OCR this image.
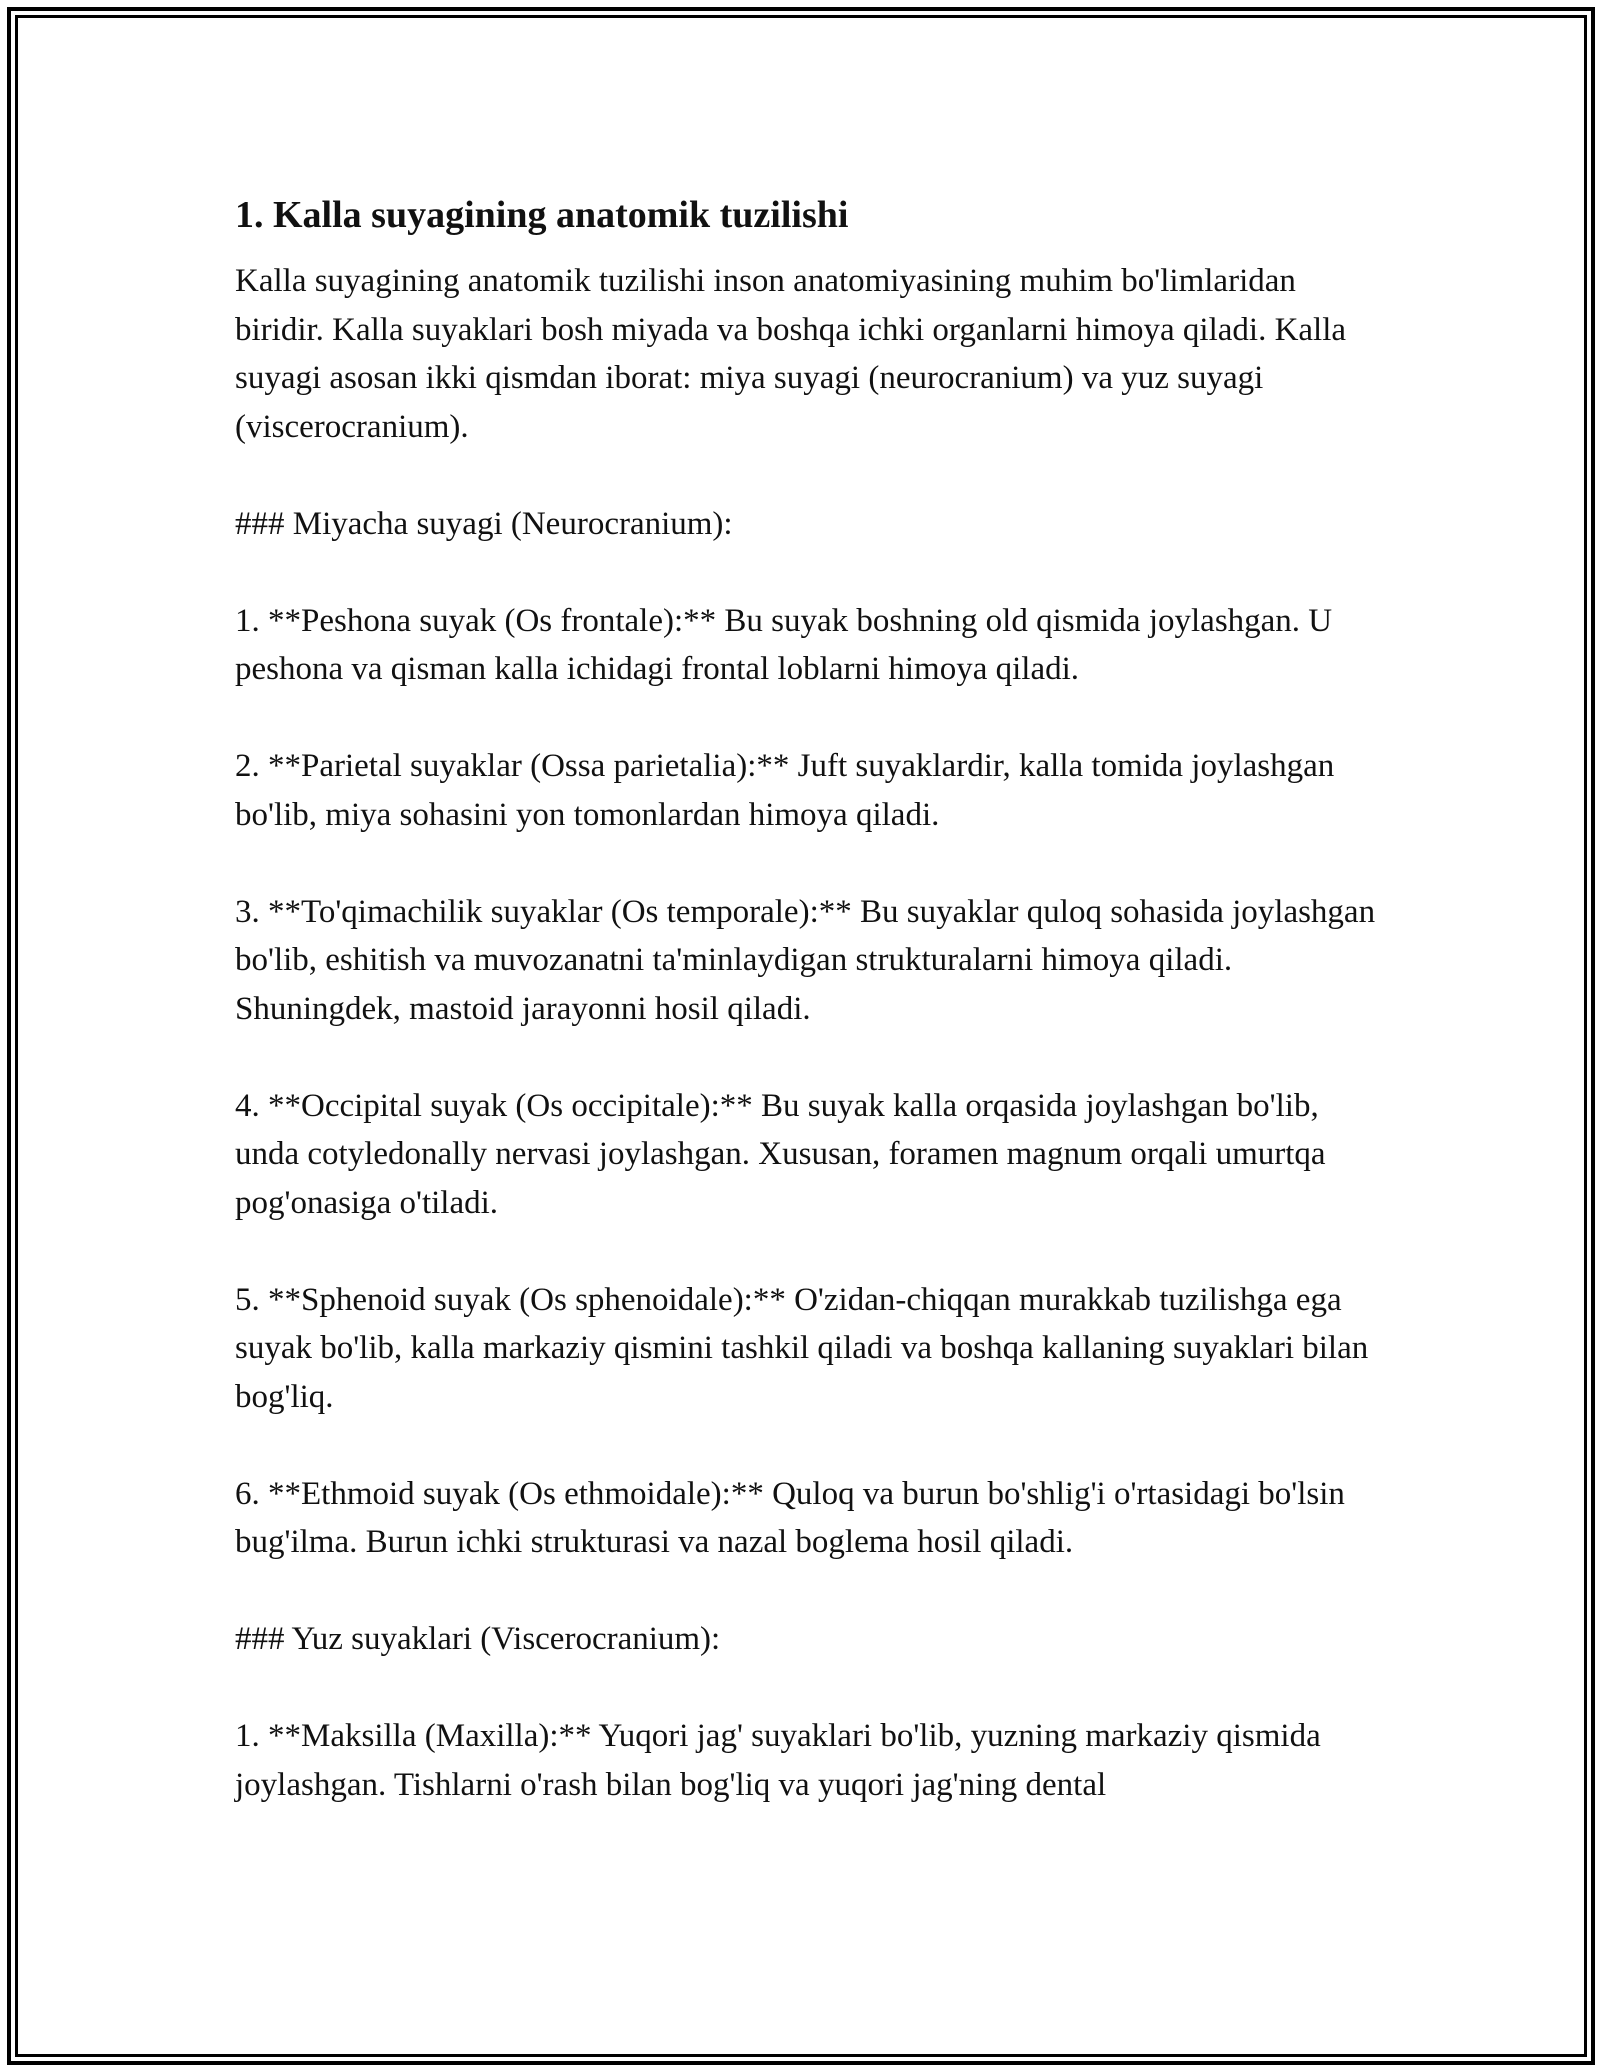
1. Kalla suyagining anatomik tuzilishi

Kalla suyagining anatomik tuzilishi inson anatomiyasining muhim bo'limlaridan biridir. Kalla suyaklari bosh miyada va boshqa ichki organlarni himoya qiladi. Kalla suyagi asosan ikki qismdan iborat: miya suyagi (neurocranium) va yuz suyagi (viscerocranium).

### Miyacha suyagi (Neurocranium):

1. **Peshona suyak (Os frontale):** Bu suyak boshning old qismida joylashgan. U peshona va qisman kalla ichidagi frontal loblarni himoya qiladi.

2. **Parietal suyaklar (Ossa parietalia):** Juft suyaklardir, kalla tomida joylashgan bo'lib, miya sohasini yon tomonlardan himoya qiladi.

3. **To'qimachilik suyaklar (Os temporale):** Bu suyaklar quloq sohasida joylashgan bo'lib, eshitish va muvozanatni ta'minlaydigan strukturalarni himoya qiladi. Shuningdek, mastoid jarayonni hosil qiladi.

4. **Occipital suyak (Os occipitale):** Bu suyak kalla orqasida joylashgan bo'lib, unda cotyledonally nervasi joylashgan. Xususan, foramen magnum orqali umurtqa pog'onasiga o'tiladi.

5. **Sphenoid suyak (Os sphenoidale):** O'zidan-chiqqan murakkab tuzilishga ega suyak bo'lib, kalla markaziy qismini tashkil qiladi va boshqa kallaning suyaklari bilan bog'liq.

6. **Ethmoid suyak (Os ethmoidale):** Quloq va burun bo'shlig'i o'rtasidagi bo'lsin bug'ilma. Burun ichki strukturasi va nazal boglema hosil qiladi.

### Yuz suyaklari (Viscerocranium):

1. **Maksilla (Maxilla):** Yuqori jag' suyaklari bo'lib, yuzning markaziy qismida joylashgan. Tishlarni o'rash bilan bog'liq va yuqori jag'ning dental
